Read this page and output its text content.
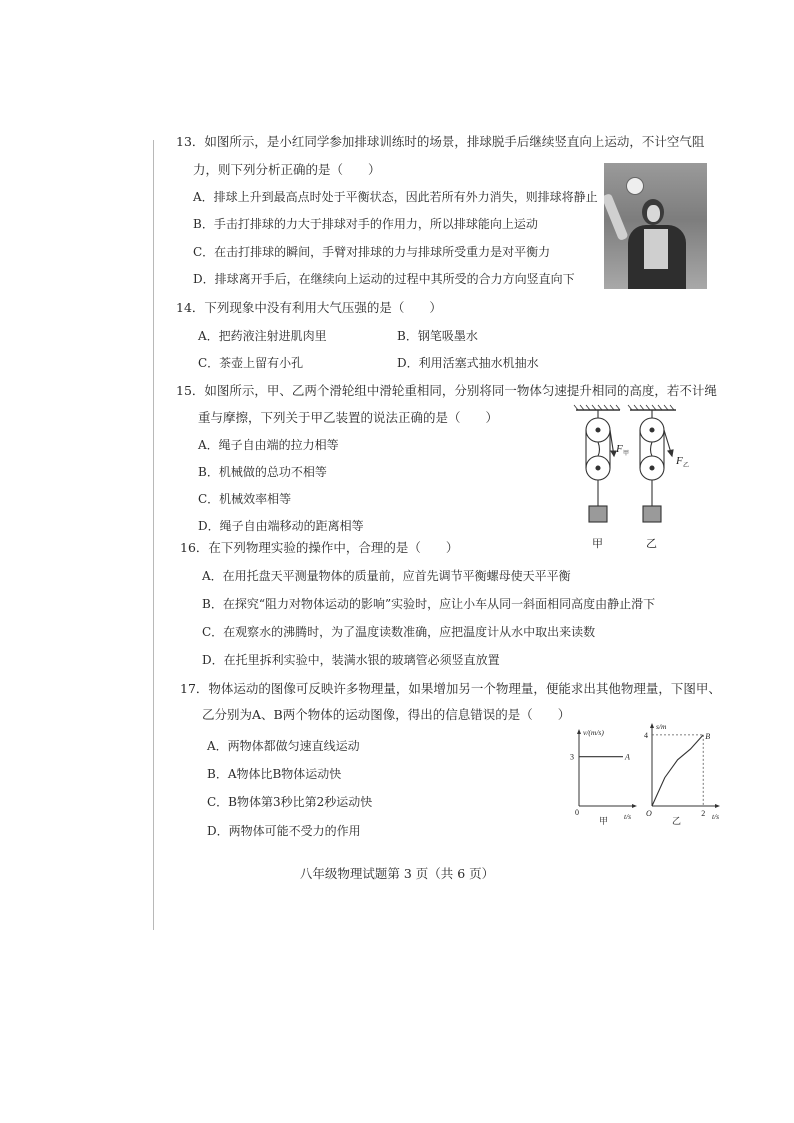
13．如图所示，是小红同学参加排球训练时的场景，排球脱手后继续竖直向上运动，不计空气阻
力，则下列分析正确的是（　　）
A．排球上升到最高点时处于平衡状态，因此若所有外力消失，则排球将静止
B．手击打排球的力大于排球对手的作用力，所以排球能向上运动
C．在击打排球的瞬间，手臂对排球的力与排球所受重力是对平衡力
D．排球离开手后，在继续向上运动的过程中其所受的合力方向竖直向下
14．下列现象中没有利用大气压强的是（　　）
A．把药液注射进肌肉里	B．钢笔吸墨水
C．茶壶上留有小孔	D．利用活塞式抽水机抽水
15．如图所示，甲、乙两个滑轮组中滑轮重相同，分别将同一物体匀速提升相同的高度，若不计绳
重与摩擦，下列关于甲乙装置的说法正确的是（　　）
A．绳子自由端的拉力相等
B．机械做的总功不相等
C．机械效率相等
D．绳子自由端移动的距离相等
F 甲
F 乙
甲	乙
16．在下列物理实验的操作中，合理的是（　　）
A．在用托盘天平测量物体的质量前，应首先调节平衡螺母使天平平衡
B．在探究“阻力对物体运动的影响”实验时，应让小车从同一斜面相同高度由静止滑下
C．在观察水的沸腾时，为了温度读数准确，应把温度计从水中取出来读数
D．在托里拆利实验中，装满水银的玻璃管必须竖直放置
17．物体运动的图像可反映许多物理量，如果增加另一个物理量，便能求出其他物理量，下图甲、
乙分别为A、B两个物体的运动图像，得出的信息错误的是（　　）
A．两物体都做匀速直线运动
B．A物体比B物体运动快
C．B物体第3秒比第2秒运动快
D．两物体可能不受力的作用
v/(m/s)
t/s
3
0
A
甲
s/m
t/s
4
2
O
B
乙
八年级物理试题第 3 页（共 6 页）
